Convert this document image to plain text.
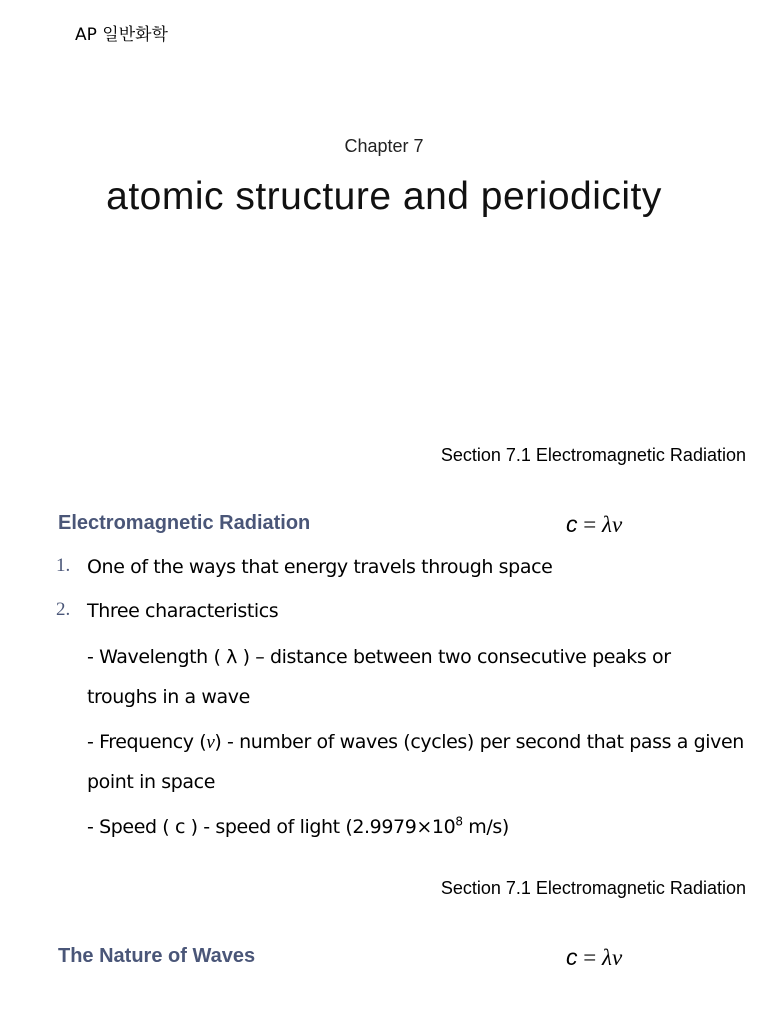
AP 일반화학
Chapter 7
atomic structure and periodicity
Section 7.1 Electromagnetic Radiation
Electromagnetic Radiation	c = λν
1. One of the ways that energy travels through space
2. Three characteristics
- Wavelength ( λ ) – distance between two consecutive peaks or
troughs in a wave
- Frequency (ν) - number of waves (cycles) per second that pass a given
point in space
- Speed ( c ) - speed of light ($2.9979\times 10^8$ m/s)
Section 7.1 Electromagnetic Radiation
The Nature of Waves	c = λν
